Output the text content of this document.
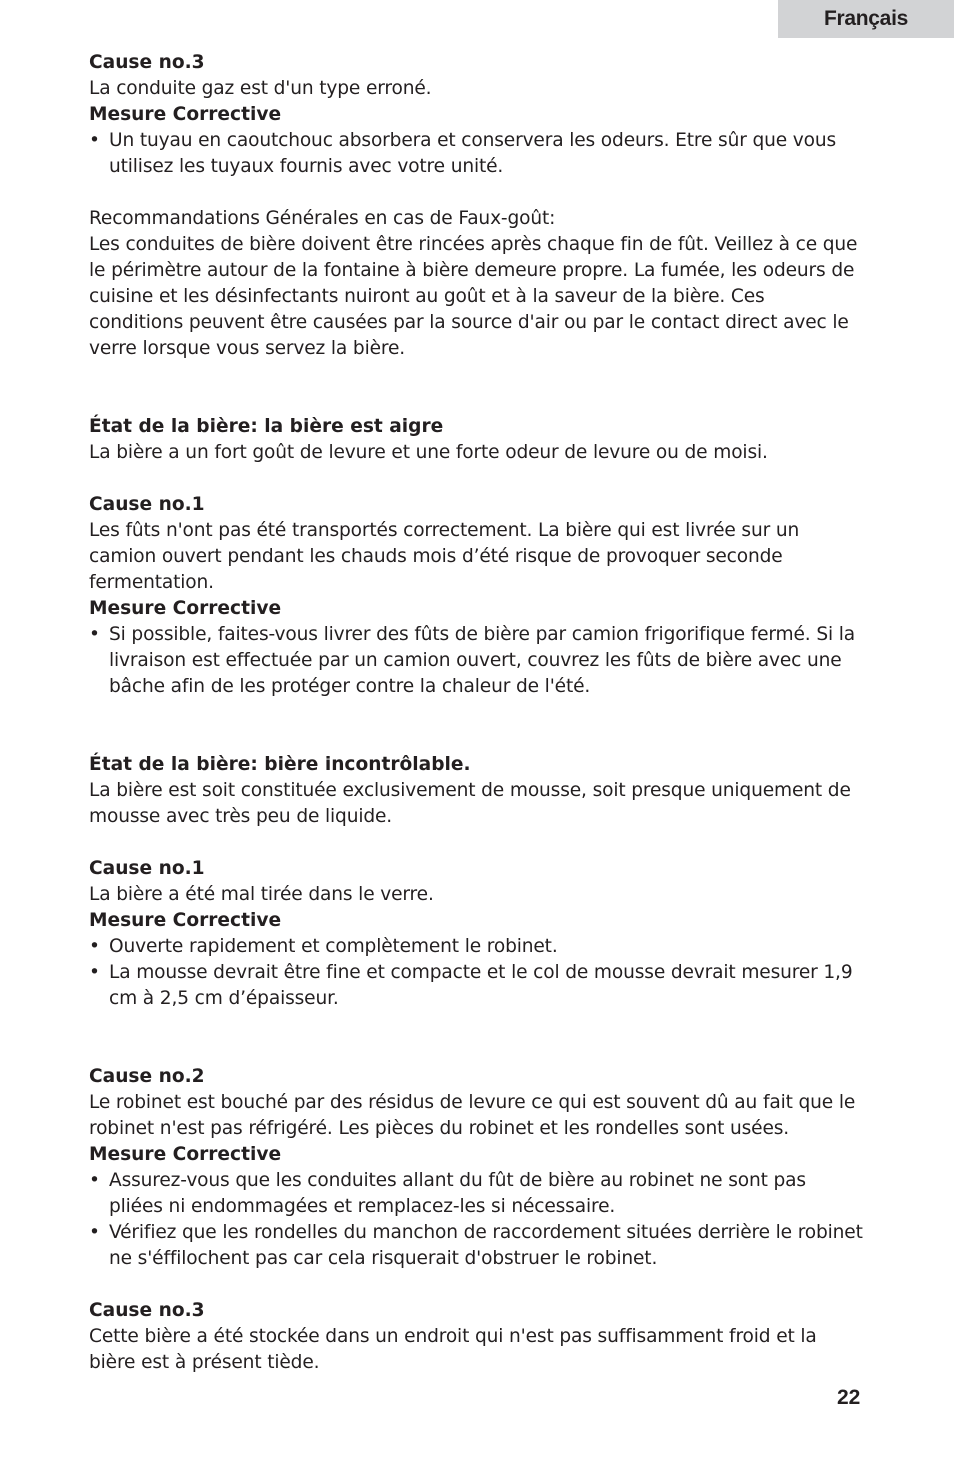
Français

Cause no.3

La conduite gaz est d'un type erroné.

Mesure Corrective

• Un tuyau en caoutchouc absorbera et conservera les odeurs. Etre sûr que vous utilisez les tuyaux fournis avec votre unité.

Recommandations Générales en cas de Faux-goût:

Les conduites de bière doivent être rincées après chaque fin de fût. Veillez à ce que le périmètre autour de la fontaine à bière demeure propre. La fumée, les odeurs de cuisine et les désinfectants nuiront au goût et à la saveur de la bière. Ces conditions peuvent être causées par la source d'air ou par le contact direct avec le verre lorsque vous servez la bière.

État de la bière: la bière est aigre

La bière a un fort goût de levure et une forte odeur de levure ou de moisi.

Cause no.1

Les fûts n'ont pas été transportés correctement. La bière qui est livrée sur un camion ouvert pendant les chauds mois d’été risque de provoquer seconde fermentation.

Mesure Corrective

• Si possible, faites-vous livrer des fûts de bière par camion frigorifique fermé. Si la livraison est effectuée par un camion ouvert, couvrez les fûts de bière avec une bâche afin de les protéger contre la chaleur de l'été.

État de la bière: bière incontrôlable.

La bière est soit constituée exclusivement de mousse, soit presque uniquement de mousse avec très peu de liquide.

Cause no.1

La bière a été mal tirée dans le verre.

Mesure Corrective

• Ouverte rapidement et complètement le robinet.
• La mousse devrait être fine et compacte et le col de mousse devrait mesurer 1,9 cm à 2,5 cm d’épaisseur.

Cause no.2

Le robinet est bouché par des résidus de levure ce qui est souvent dû au fait que le robinet n'est pas réfrigéré. Les pièces du robinet et les rondelles sont usées.

Mesure Corrective

• Assurez-vous que les conduites allant du fût de bière au robinet ne sont pas pliées ni endommagées et remplacez-les si nécessaire.
• Vérifiez que les rondelles du manchon de raccordement situées derrière le robinet ne s'éffilochent pas car cela risquerait d'obstruer le robinet.

Cause no.3

Cette bière a été stockée dans un endroit qui n'est pas suffisamment froid et la bière est à présent tiède.

22
